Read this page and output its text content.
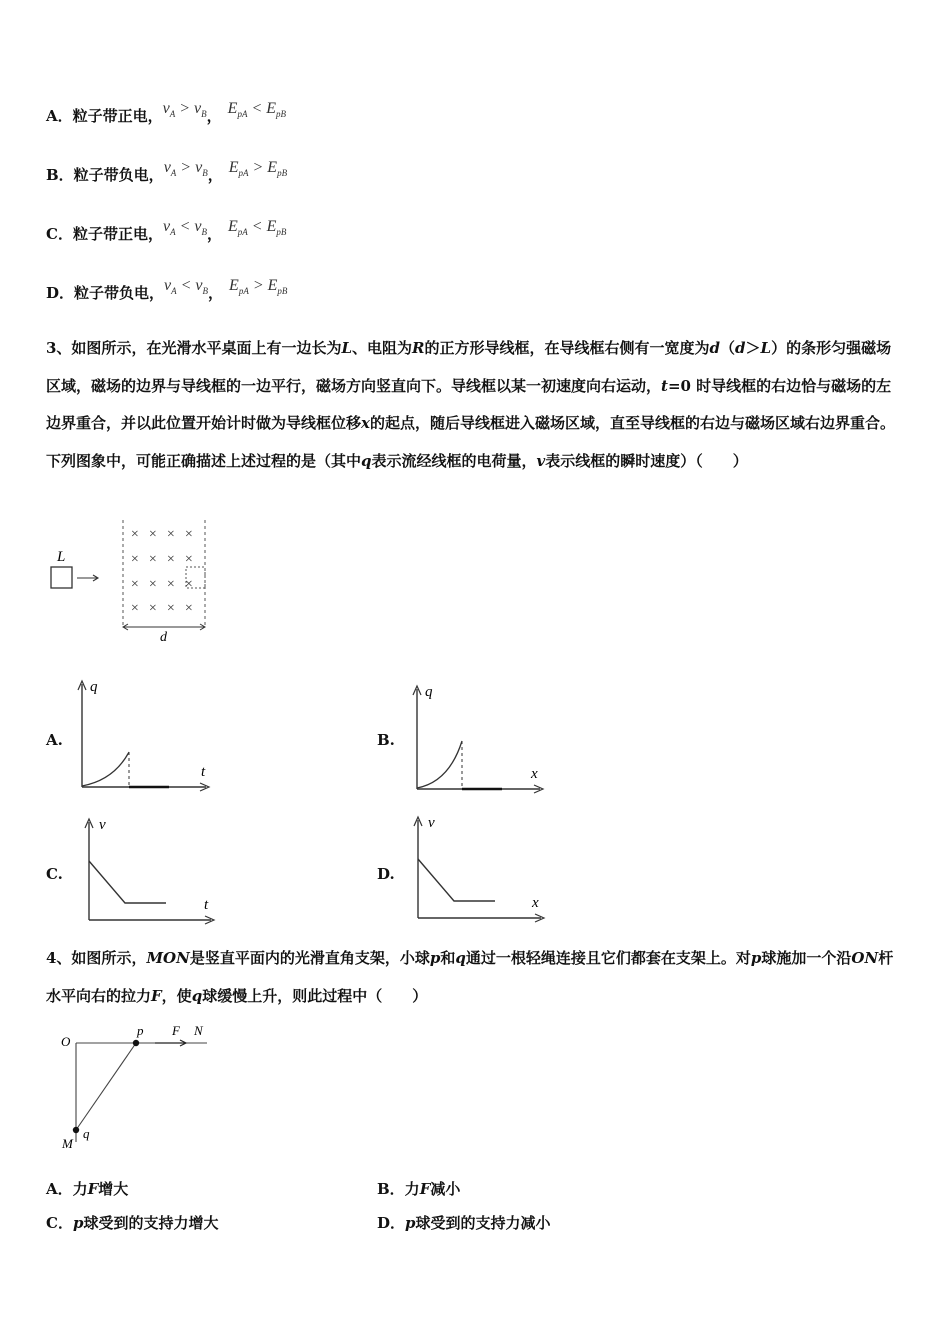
A．粒子带正电，$v_A > v_B$， $E_{pA} < E_{pB}$
B．粒子带负电，$v_A > v_B$， $E_{pA} > E_{pB}$
C．粒子带正电，$v_A < v_B$， $E_{pA} < E_{pB}$
D．粒子带负电，$v_A < v_B$， $E_{pA} > E_{pB}$
3、如图所示，在光滑水平桌面上有一边长为L、电阻为R的正方形导线框，在导线框右侧有一宽度为d（d＞L）的条形匀强磁场区域，磁场的边界与导线框的一边平行，磁场方向竖直向下。导线框以某一初速度向右运动，t=0 时导线框的右边恰与磁场的左边界重合，并以此位置开始计时做为导线框位移x的起点，随后导线框进入磁场区域，直至导线框的右边与磁场区域右边界重合。下列图象中，可能正确描述上述过程的是（其中q表示流经线框的电荷量，v表示线框的瞬时速度）（　　）
L
× × × ×
× × × ×
× × × ×
× × × ×
d
A.
q
t
B.
q
x
C.
v
t
D.
v
x
4、如图所示，MON是竖直平面内的光滑直角支架，小球p和q通过一根轻绳连接且它们都套在支架上。对p球施加一个沿ON杆水平向右的拉力F，使q球缓慢上升，则此过程中（　　）
O
p F N
M
q
A．力F增大	B．力F减小
C．p球受到的支持力增大	D．p球受到的支持力减小
